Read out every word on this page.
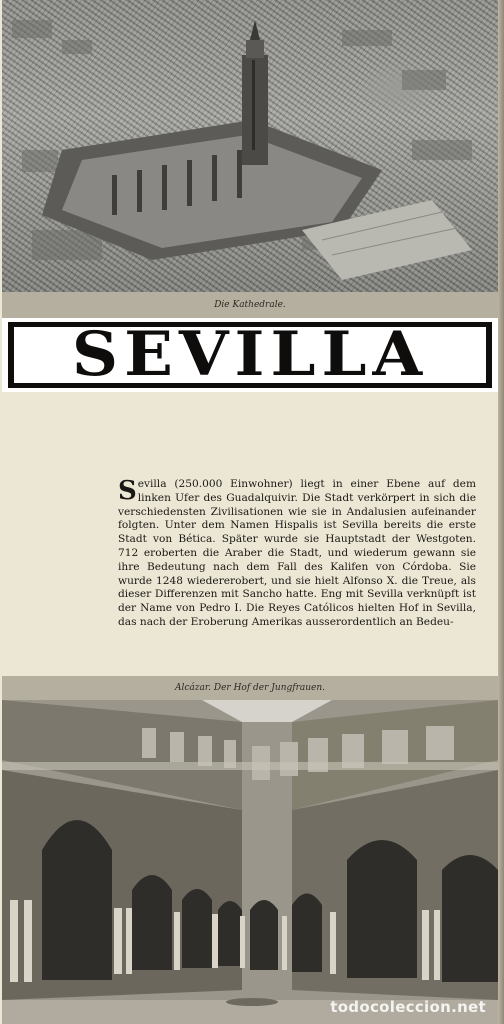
Die Kathedrale.
SEVILLA
Sevilla (250.000 Einwohner) liegt in einer Ebene auf dem linken Ufer des Guadalquivir. Die Stadt verkörpert in sich die verschiedensten Zivilisationen wie sie in Andalusien aufeinander folgten. Unter dem Namen Hispalis ist Sevilla bereits die erste Stadt von Bética. Später wurde sie Hauptstadt der Westgoten. 712 eroberten die Araber die Stadt, und wiederum gewann sie ihre Bedeutung nach dem Fall des Kalifen von Córdoba. Sie wurde 1248 wiedererobert, und sie hielt Alfonso X. die Treue, als dieser Differenzen mit Sancho hatte. Eng mit Sevilla verknüpft ist der Name von Pedro I. Die Reyes Católicos hielten Hof in Sevilla, das nach der Eroberung Amerikas ausserordentlich an Bedeu-
Alcázar. Der Hof der Jungfrauen.
todocoleccion.net
